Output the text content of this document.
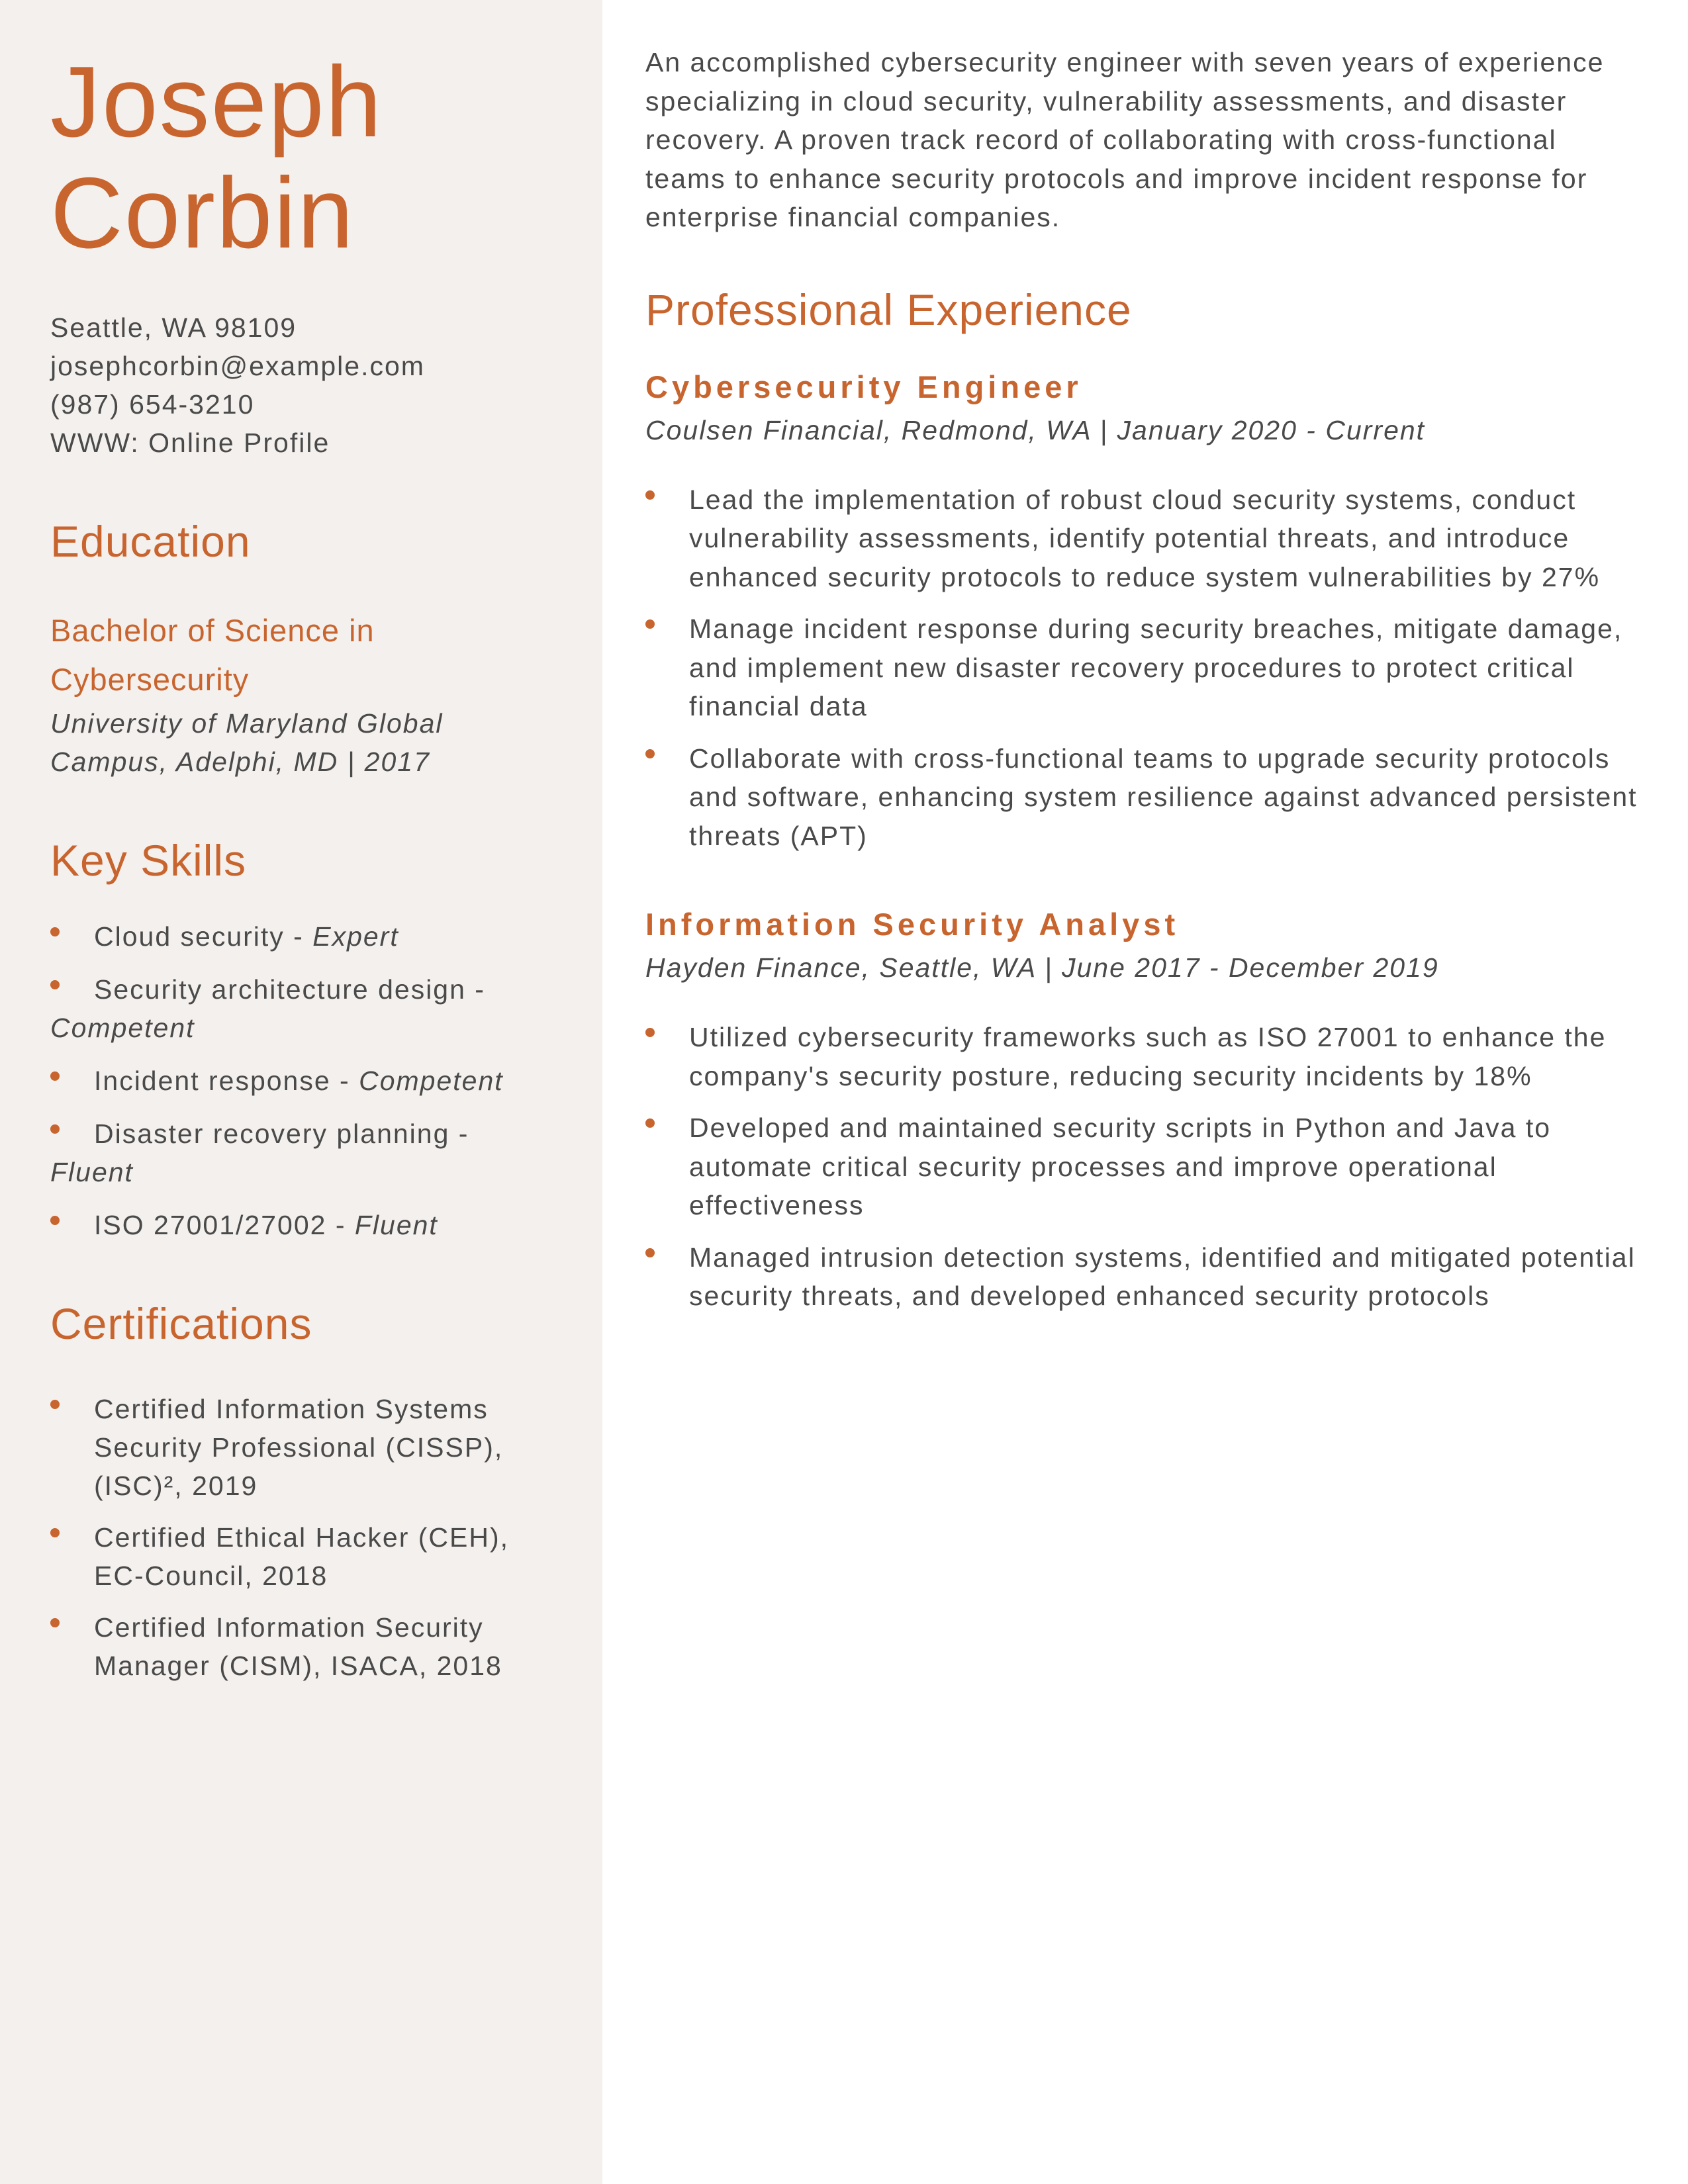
Joseph
Corbin
Seattle, WA 98109
josephcorbin@example.com
(987) 654-3210
WWW: Online Profile
Education
Bachelor of Science in
Cybersecurity
University of Maryland Global
Campus, Adelphi, MD | 2017
Key Skills
Cloud security - Expert
Security architecture design - Competent
Incident response - Competent
Disaster recovery planning - Fluent
ISO 27001/27002 - Fluent
Certifications
Certified Information Systems Security Professional (CISSP), (ISC)², 2019
Certified Ethical Hacker (CEH), EC-Council, 2018
Certified Information Security Manager (CISM), ISACA, 2018

An accomplished cybersecurity engineer with seven years of experience specializing in cloud security, vulnerability assessments, and disaster recovery. A proven track record of collaborating with cross-functional teams to enhance security protocols and improve incident response for enterprise financial companies.

Professional Experience
Cybersecurity Engineer
Coulsen Financial, Redmond, WA | January 2020 - Current
Lead the implementation of robust cloud security systems, conduct vulnerability assessments, identify potential threats, and introduce enhanced security protocols to reduce system vulnerabilities by 27%
Manage incident response during security breaches, mitigate damage, and implement new disaster recovery procedures to protect critical financial data
Collaborate with cross-functional teams to upgrade security protocols and software, enhancing system resilience against advanced persistent threats (APT)
Information Security Analyst
Hayden Finance, Seattle, WA | June 2017 - December 2019
Utilized cybersecurity frameworks such as ISO 27001 to enhance the company's security posture, reducing security incidents by 18%
Developed and maintained security scripts in Python and Java to automate critical security processes and improve operational effectiveness
Managed intrusion detection systems, identified and mitigated potential security threats, and developed enhanced security protocols
